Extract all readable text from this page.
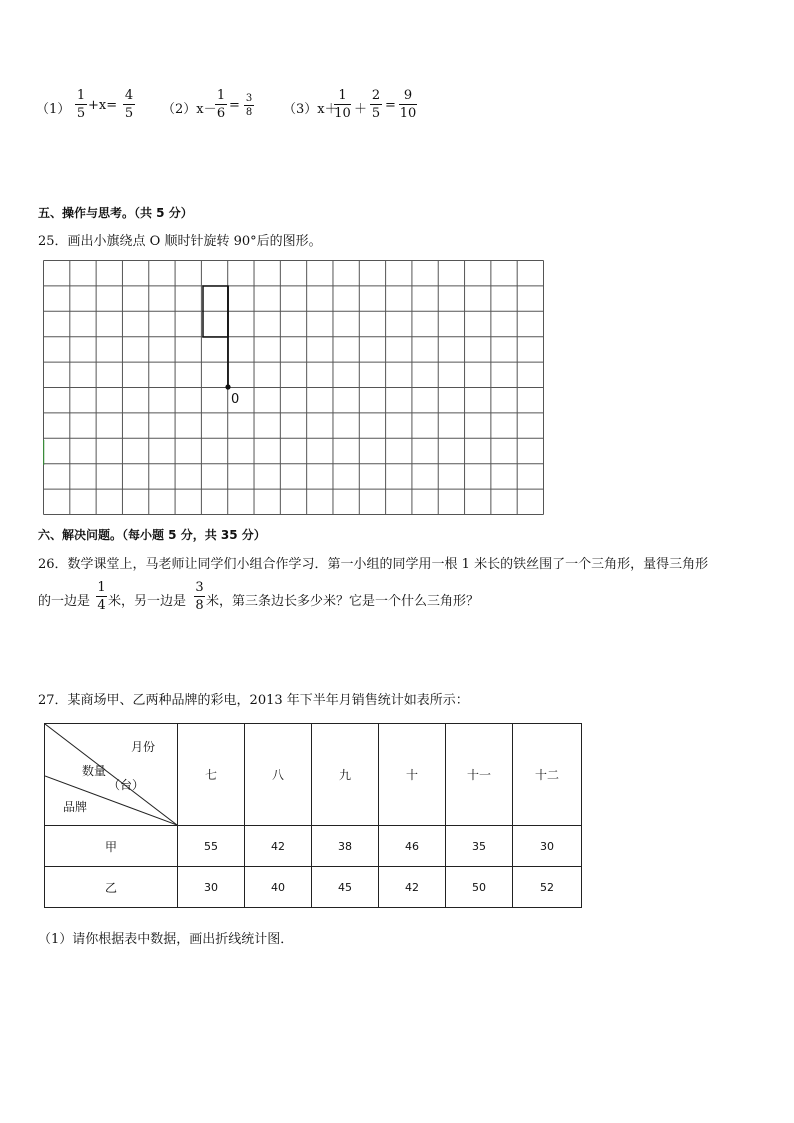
（1）
1
5
+x=
4
5 （2）x－
1
6
= 3
8 （3）x＋
1
10 ＋
2
5
=
9
10
五、操作与思考。（共 5 分）
25．画出小旗绕点 O 顺时针旋转 90°后的图形。
0
六、解决问题。（每小题 5 分，共 35 分）
26．数学课堂上，马老师让同学们小组合作学习．第一小组的同学用一根 1 米长的铁丝围了一个三角形，量得三角形
的一边是
1
4 米，另一边是
3
8 米，第三条边长多少米？它是一个什么三角形？
27．某商场甲、乙两种品牌的彩电，2013 年下半年月销售统计如表所示：
月份
数量
（台）
品牌	七	八	九	十	十一	十二
甲	55	42	38	46	35	30
乙	30	40	45	42	50	52
（1）请你根据表中数据，画出折线统计图．
